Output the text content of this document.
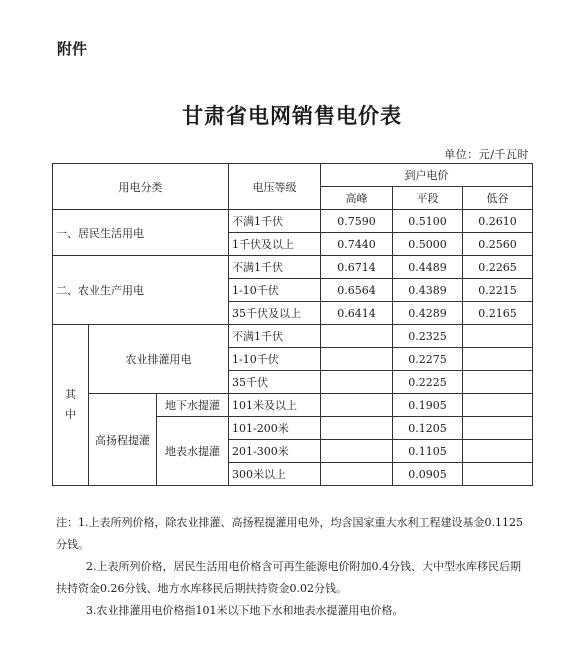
附件
甘肃省电网销售电价表
单位：元/千瓦时
用电分类			电压等级	到户电价		
				高峰	平段	低谷
一、居民生活用电			不满1千伏	0.7590	0.5100	0.2610
			1千伏及以上	0.7440	0.5000	0.2560
二、农业生产用电			不满1千伏	0.6714	0.4489	0.2265
			1-10千伏	0.6564	0.4389	0.2215
			35千伏及以上	0.6414	0.4289	0.2165

其中	农业排灌用电		不满1千伏		0.2325	
			1-10千伏		0.2275	
			35千伏		0.2225	
	高扬程提灌	地下水提灌	101米及以上		0.1905	
		地表水提灌	101-200米		0.1205	
			201-300米		0.1105	
			300米以上		0.0905	

注：1.上表所列价格，除农业排灌、高扬程提灌用电外，均含国家重大水利工程建设基金0.1125

分钱。

2.上表所列价格，居民生活用电价格含可再生能源电价附加0.4分钱、大中型水库移民后期

扶持资金0.26分钱、地方水库移民后期扶持资金0.02分钱。

3.农业排灌用电价格指101米以下地下水和地表水提灌用电价格。
